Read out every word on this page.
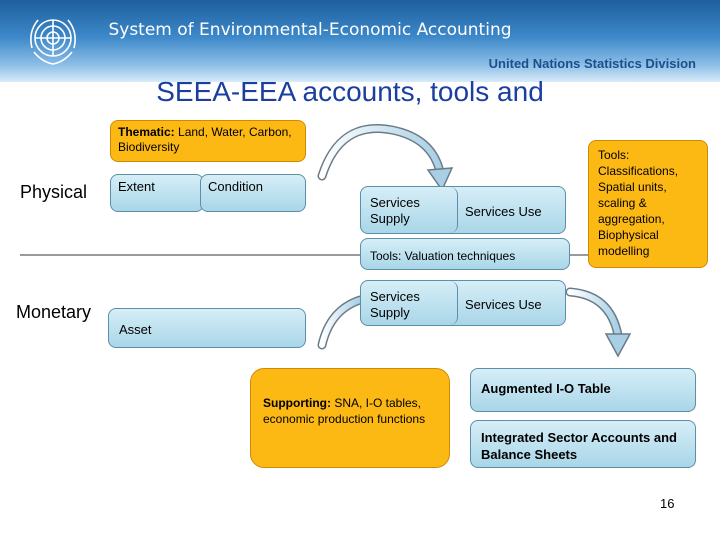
System of Environmental-Economic Accounting
United Nations Statistics Division
SEEA-EEA accounts, tools and
Physical
Monetary
Thematic: Land, Water, Carbon, Biodiversity
Extent	Condition
Asset
Services Supply	Services Use
Tools: Valuation techniques
Services Supply
Services Use
Tools: Classifications, Spatial units, scaling & aggregation, Biophysical modelling
Supporting: SNA, I-O tables, economic production functions
Augmented I-O Table
Integrated Sector Accounts and Balance Sheets
16
